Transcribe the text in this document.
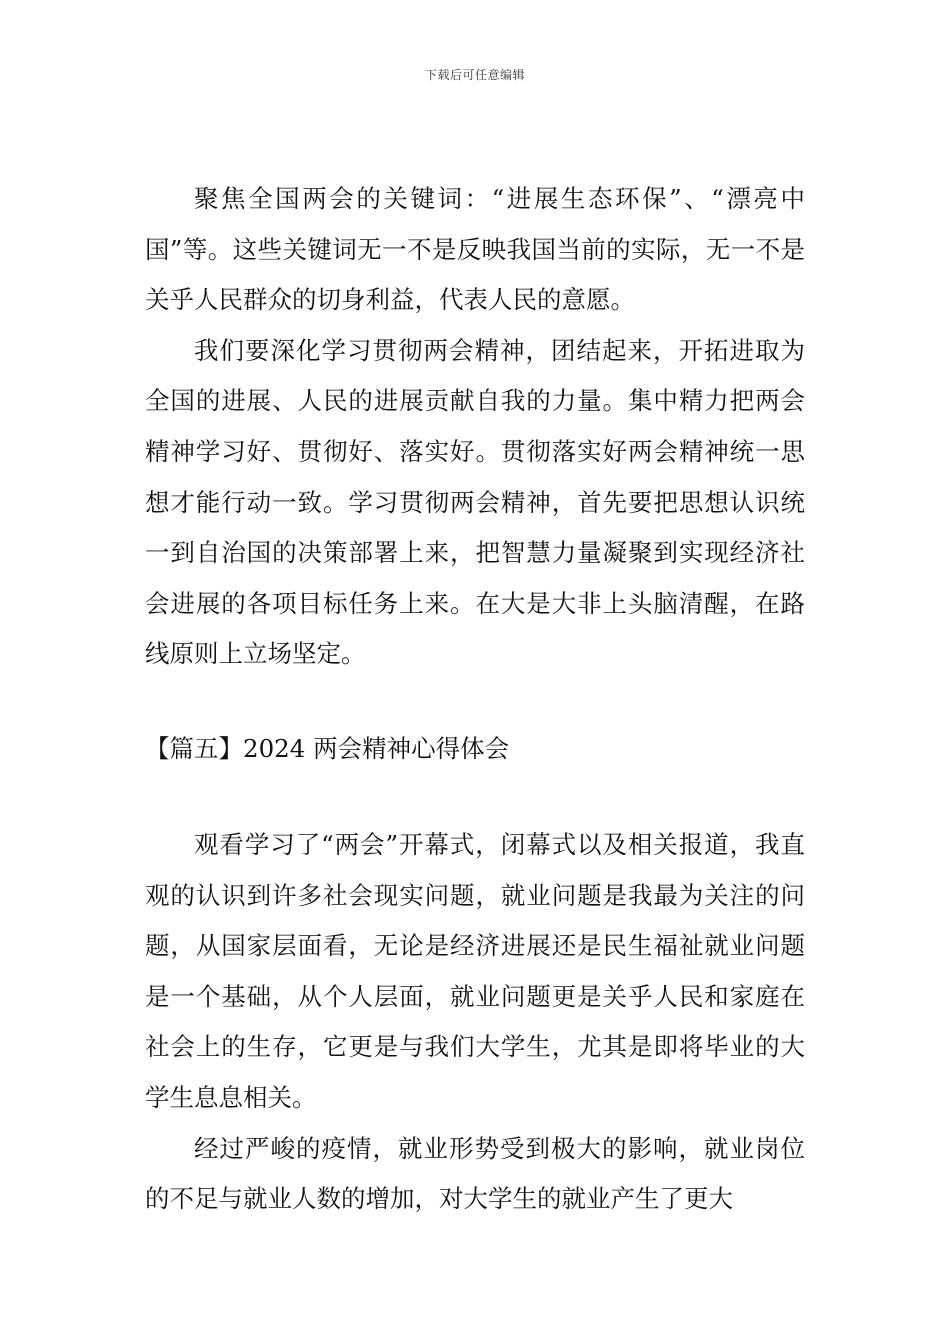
下载后可任意编辑

聚焦全国两会的关键词：“进展生态环保”、“漂亮中国”等。这些关键词无一不是反映我国当前的实际，无一不是关乎人民群众的切身利益，代表人民的意愿。

我们要深化学习贯彻两会精神，团结起来，开拓进取为全国的进展、人民的进展贡献自我的力量。集中精力把两会精神学习好、贯彻好、落实好。贯彻落实好两会精神统一思想才能行动一致。学习贯彻两会精神，首先要把思想认识统一到自治国的决策部署上来，把智慧力量凝聚到实现经济社会进展的各项目标任务上来。在大是大非上头脑清醒，在路线原则上立场坚定。

【篇五】2024 两会精神心得体会

观看学习了“两会”开幕式，闭幕式以及相关报道，我直观的认识到许多社会现实问题，就业问题是我最为关注的问题，从国家层面看，无论是经济进展还是民生福祉就业问题是一个基础，从个人层面，就业问题更是关乎人民和家庭在社会上的生存，它更是与我们大学生，尤其是即将毕业的大学生息息相关。

经过严峻的疫情，就业形势受到极大的影响，就业岗位的不足与就业人数的增加，对大学生的就业产生了更大
